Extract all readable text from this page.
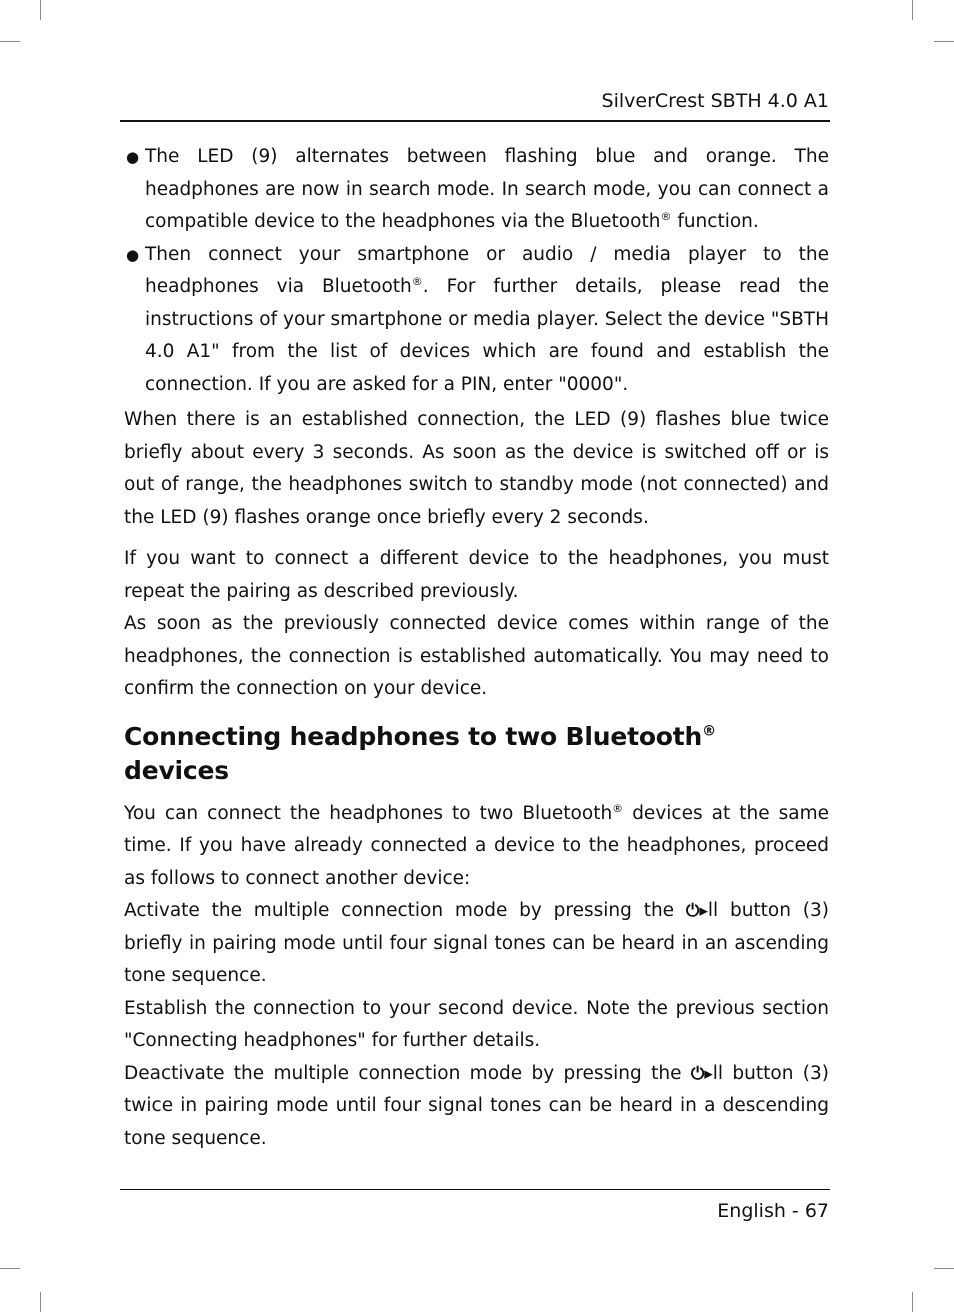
SilverCrest SBTH 4.0 A1
● The LED (9) alternates between flashing blue and orange. The headphones are now in search mode. In search mode, you can connect a compatible device to the headphones via the Bluetooth® function.
● Then connect your smartphone or audio / media player to the headphones via Bluetooth®. For further details, please read the instructions of your smartphone or media player. Select the device "SBTH 4.0 A1" from the list of devices which are found and establish the connection. If you are asked for a PIN, enter "0000".

When there is an established connection, the LED (9) flashes blue twice briefly about every 3 seconds. As soon as the device is switched off or is out of range, the headphones switch to standby mode (not connected) and the LED (9) flashes orange once briefly every 2 seconds.

If you want to connect a different device to the headphones, you must repeat the pairing as described previously.

As soon as the previously connected device comes within range of the headphones, the connection is established automatically. You may need to confirm the connection on your device.

Connecting headphones to two Bluetooth® devices

You can connect the headphones to two Bluetooth® devices at the same time. If you have already connected a device to the headphones, proceed as follows to connect another device:

Activate the multiple connection mode by pressing the ⏻▸ll button (3) briefly in pairing mode until four signal tones can be heard in an ascending tone sequence.

Establish the connection to your second device. Note the previous section "Connecting headphones" for further details.

Deactivate the multiple connection mode by pressing the ⏻▸ll button (3) twice in pairing mode until four signal tones can be heard in a descending tone sequence.

English - 67
